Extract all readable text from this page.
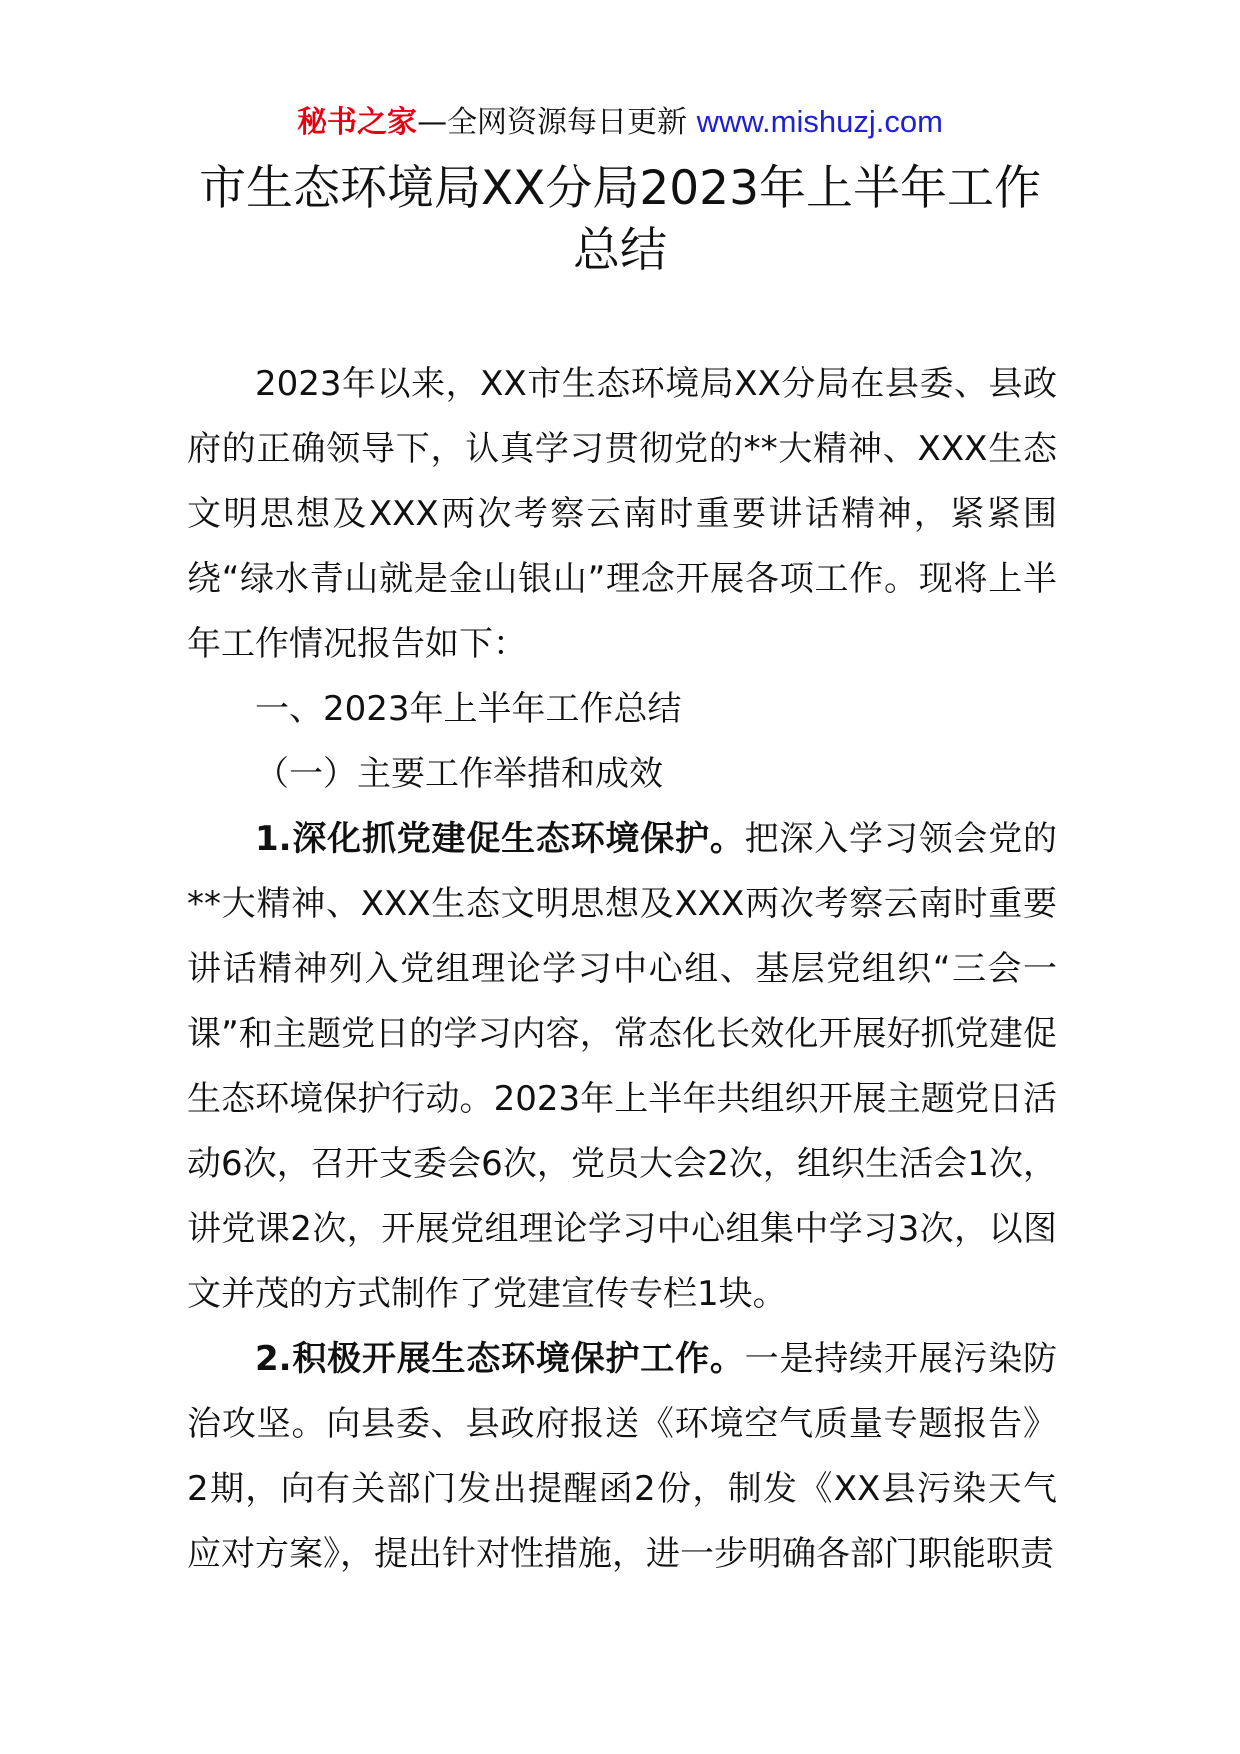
秘书之家—全网资源每日更新 www.mishuzj.com
市生态环境局XX分局2023年上半年工作
总结

2023年以来，XX市生态环境局XX分局在县委、县政府的正确领导下，认真学习贯彻党的**大精神、XXX生态文明思想及XXX两次考察云南时重要讲话精神，紧紧围绕“绿水青山就是金山银山”理念开展各项工作。现将上半年工作情况报告如下：

一、2023年上半年工作总结

（一）主要工作举措和成效

1.深化抓党建促生态环境保护。把深入学习领会党的**大精神、XXX生态文明思想及XXX两次考察云南时重要讲话精神列入党组理论学习中心组、基层党组织“三会一课”和主题党日的学习内容，常态化长效化开展好抓党建促生态环境保护行动。2023年上半年共组织开展主题党日活动6次，召开支委会6次，党员大会2次，组织生活会1次，讲党课2次，开展党组理论学习中心组集中学习3次，以图文并茂的方式制作了党建宣传专栏1块。

2.积极开展生态环境保护工作。一是持续开展污染防治攻坚。向县委、县政府报送《环境空气质量专题报告》2期，向有关部门发出提醒函2份，制发《XX县污染天气应对方案》，提出针对性措施，进一步明确各部门职能职责
